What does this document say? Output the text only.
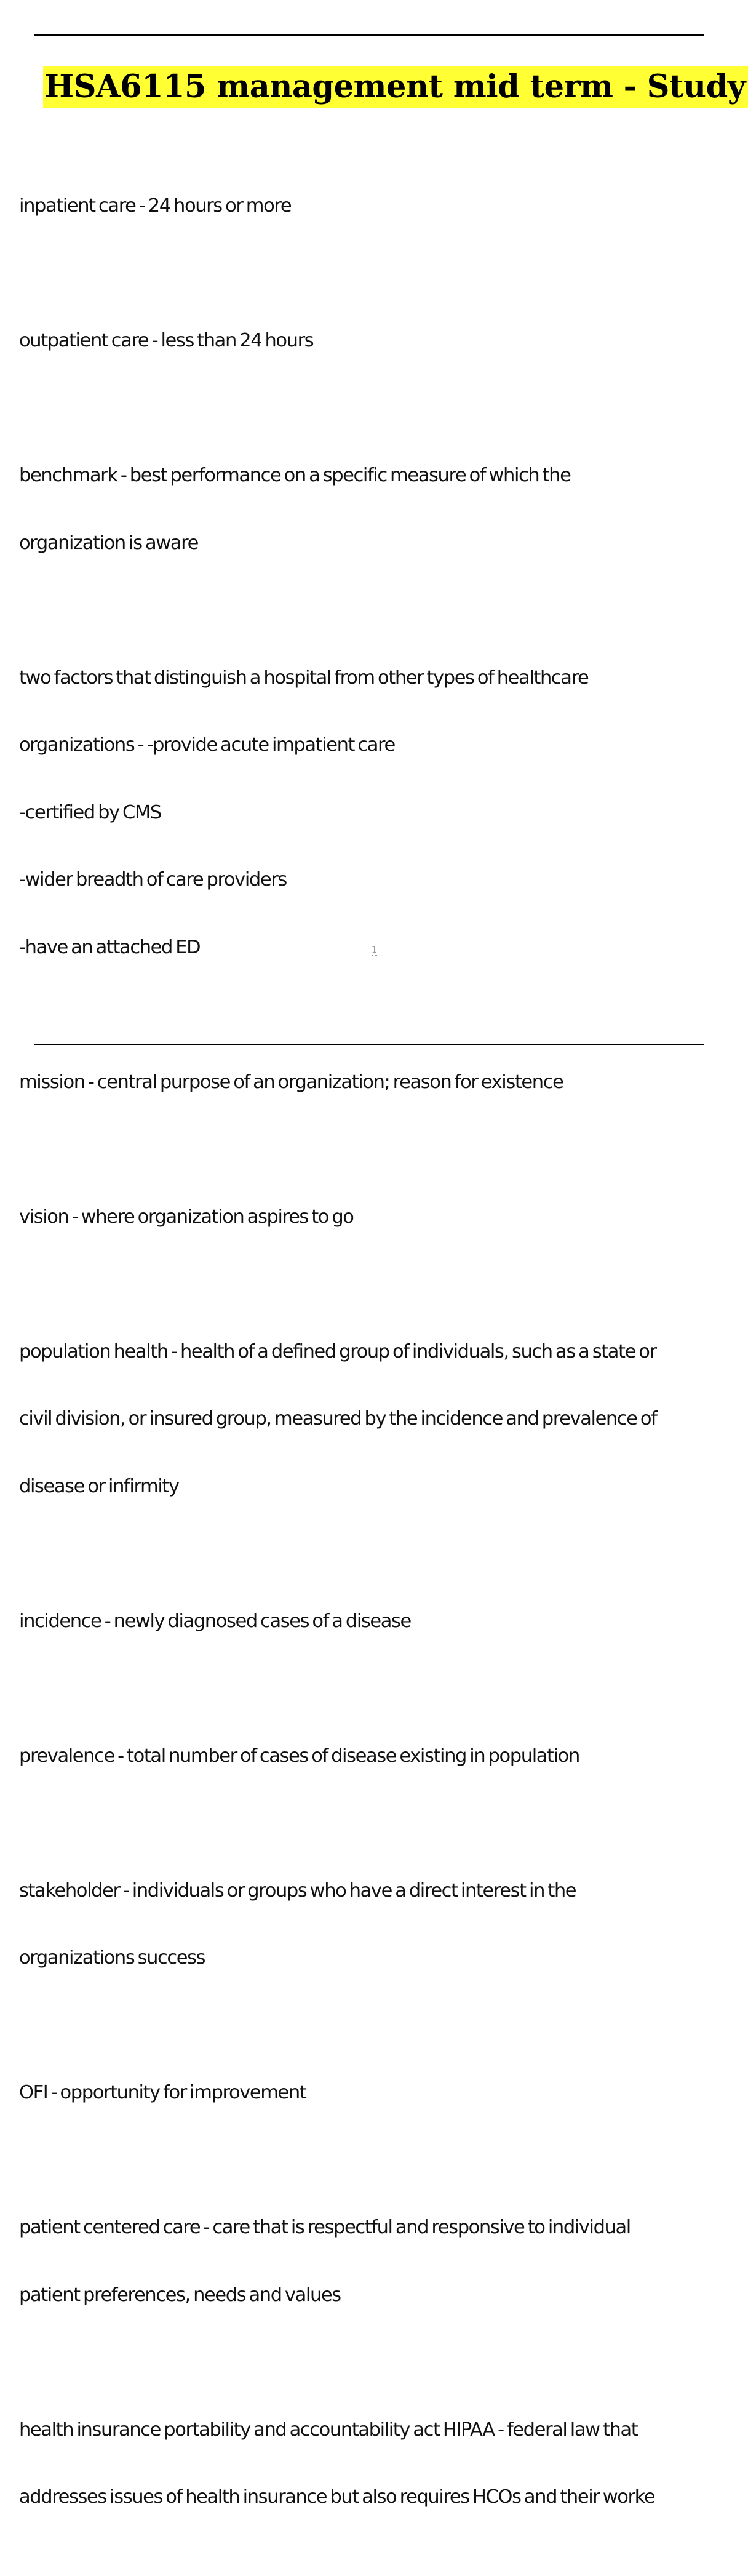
HSA6115 management mid term - Study

inpatient care - 24 hours or more

outpatient care - less than 24 hours

benchmark - best performance on a specific measure of which the

organization is aware

two factors that distinguish a hospital from other types of healthcare

organizations - -provide acute impatient care

-certified by CMS

-wider breadth of care providers

-have an attached ED

mission - central purpose of an organization; reason for existence

vision - where organization aspires to go

population health - health of a defined group of individuals, such as a state or

civil division, or insured group, measured by the incidence and prevalence of

disease or infirmity

incidence - newly diagnosed cases of a disease

prevalence - total number of cases of disease existing in population

stakeholder - individuals or groups who have a direct interest in the

organizations success

OFI - opportunity for improvement

patient centered care - care that is respectful and responsive to individual

patient preferences, needs and values

health insurance portability and accountability act HIPAA - federal law that

addresses issues of health insurance but also requires HCOs and their worke

1
